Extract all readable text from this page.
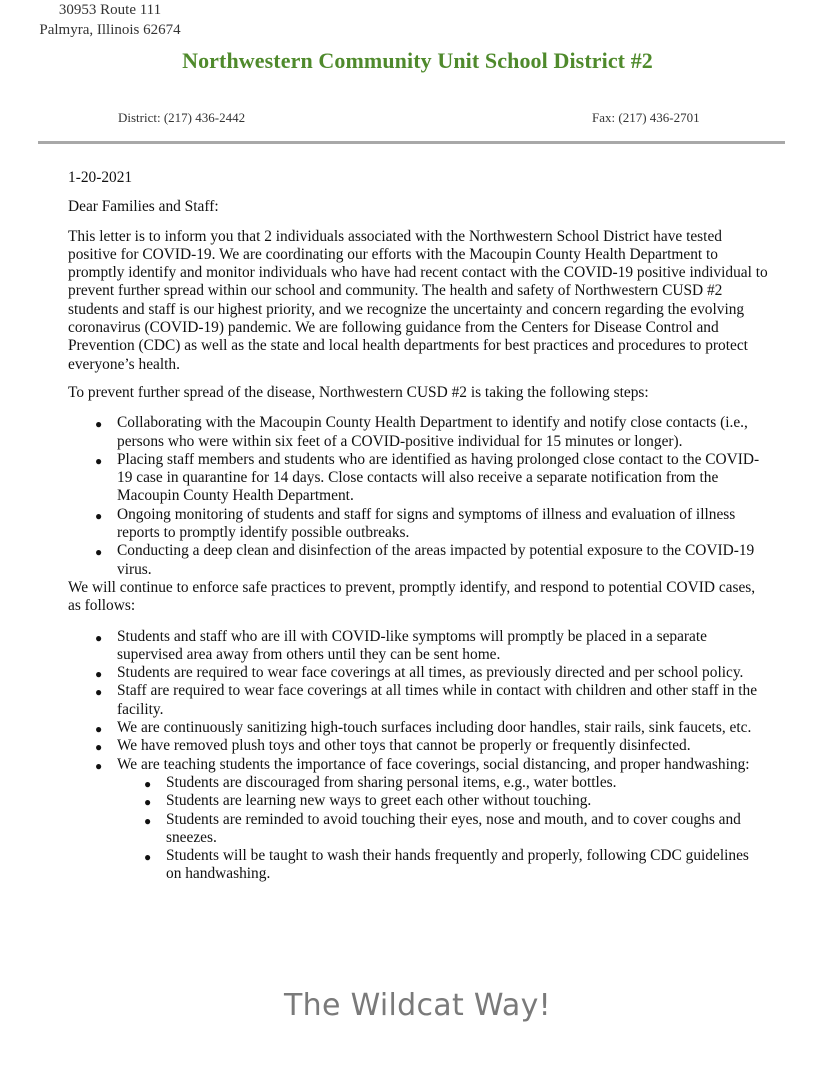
Northwestern Community Unit School District #2
District: (217) 436-2442
30953 Route 111
Palmyra, Illinois 62674
Fax: (217) 436-2701

1-20-2021

Dear Families and Staff:

This letter is to inform you that 2 individuals associated with the Northwestern School District have tested positive for COVID-19. We are coordinating our efforts with the Macoupin County Health Department to promptly identify and monitor individuals who have had recent contact with the COVID-19 positive individual to prevent further spread within our school and community. The health and safety of Northwestern CUSD #2 students and staff is our highest priority, and we recognize the uncertainty and concern regarding the evolving coronavirus (COVID-19) pandemic. We are following guidance from the Centers for Disease Control and Prevention (CDC) as well as the state and local health departments for best practices and procedures to protect everyone’s health.

To prevent further spread of the disease, Northwestern CUSD #2 is taking the following steps:

● Collaborating with the Macoupin County Health Department to identify and notify close contacts (i.e., persons who were within six feet of a COVID-positive individual for 15 minutes or longer).
● Placing staff members and students who are identified as having prolonged close contact to the COVID-19 case in quarantine for 14 days. Close contacts will also receive a separate notification from the Macoupin County Health Department.
● Ongoing monitoring of students and staff for signs and symptoms of illness and evaluation of illness reports to promptly identify possible outbreaks.
● Conducting a deep clean and disinfection of the areas impacted by potential exposure to the COVID-19 virus.

We will continue to enforce safe practices to prevent, promptly identify, and respond to potential COVID cases, as follows:

● Students and staff who are ill with COVID-like symptoms will promptly be placed in a separate supervised area away from others until they can be sent home.
● Students are required to wear face coverings at all times, as previously directed and per school policy.
● Staff are required to wear face coverings at all times while in contact with children and other staff in the facility.
● We are continuously sanitizing high-touch surfaces including door handles, stair rails, sink faucets, etc.
● We have removed plush toys and other toys that cannot be properly or frequently disinfected.
● We are teaching students the importance of face coverings, social distancing, and proper handwashing:
● Students are discouraged from sharing personal items, e.g., water bottles.
● Students are learning new ways to greet each other without touching.
● Students are reminded to avoid touching their eyes, nose and mouth, and to cover coughs and sneezes.
● Students will be taught to wash their hands frequently and properly, following CDC guidelines on handwashing.
The Wildcat Way!
